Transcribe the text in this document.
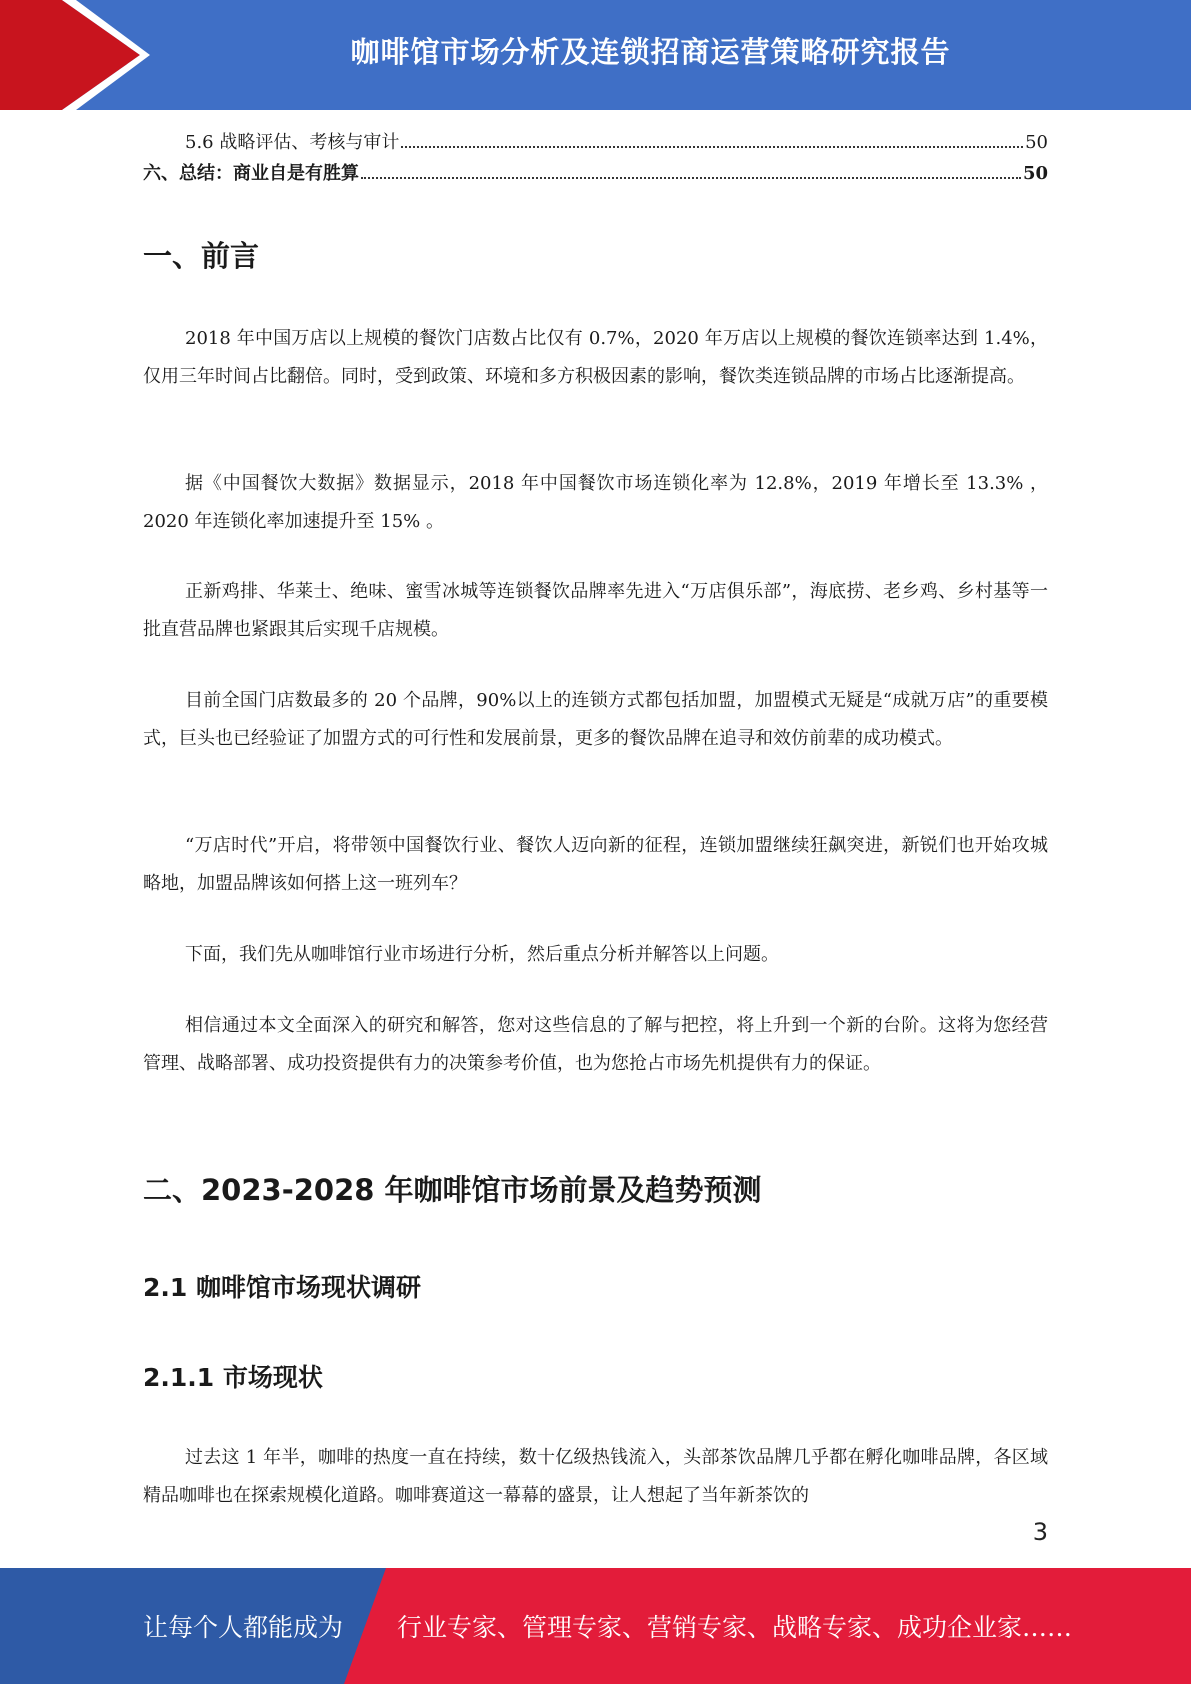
咖啡馆市场分析及连锁招商运营策略研究报告
5.6 战略评估、考核与审计	50
六、总结：商业自是有胜算	50
一、前言

2018 年中国万店以上规模的餐饮门店数占比仅有 0.7%，2020 年万店以上规模的餐饮连锁率达到 1.4%，仅用三年时间占比翻倍。同时，受到政策、环境和多方积极因素的影响，餐饮类连锁品牌的市场占比逐渐提高。

据《中国餐饮大数据》数据显示，2018 年中国餐饮市场连锁化率为 12.8%，2019 年增长至 13.3% ，2020 年连锁化率加速提升至 15% 。

正新鸡排、华莱士、绝味、蜜雪冰城等连锁餐饮品牌率先进入“万店俱乐部”，海底捞、老乡鸡、乡村基等一批直营品牌也紧跟其后实现千店规模。

目前全国门店数最多的 20 个品牌，90%以上的连锁方式都包括加盟，加盟模式无疑是“成就万店”的重要模式，巨头也已经验证了加盟方式的可行性和发展前景，更多的餐饮品牌在追寻和效仿前辈的成功模式。

“万店时代”开启，将带领中国餐饮行业、餐饮人迈向新的征程，连锁加盟继续狂飙突进，新锐们也开始攻城略地，加盟品牌该如何搭上这一班列车？

下面，我们先从咖啡馆行业市场进行分析，然后重点分析并解答以上问题。

相信通过本文全面深入的研究和解答，您对这些信息的了解与把控，将上升到一个新的台阶。这将为您经营管理、战略部署、成功投资提供有力的决策参考价值，也为您抢占市场先机提供有力的保证。

二、2023-2028 年咖啡馆市场前景及趋势预测
2.1 咖啡馆市场现状调研
2.1.1 市场现状

过去这 1 年半，咖啡的热度一直在持续，数十亿级热钱流入，头部茶饮品牌几乎都在孵化咖啡品牌，各区域精品咖啡也在探索规模化道路。咖啡赛道这一幕幕的盛景，让人想起了当年新茶饮的

3
让每个人都能成为 行业专家、管理专家、营销专家、战略专家、成功企业家……
